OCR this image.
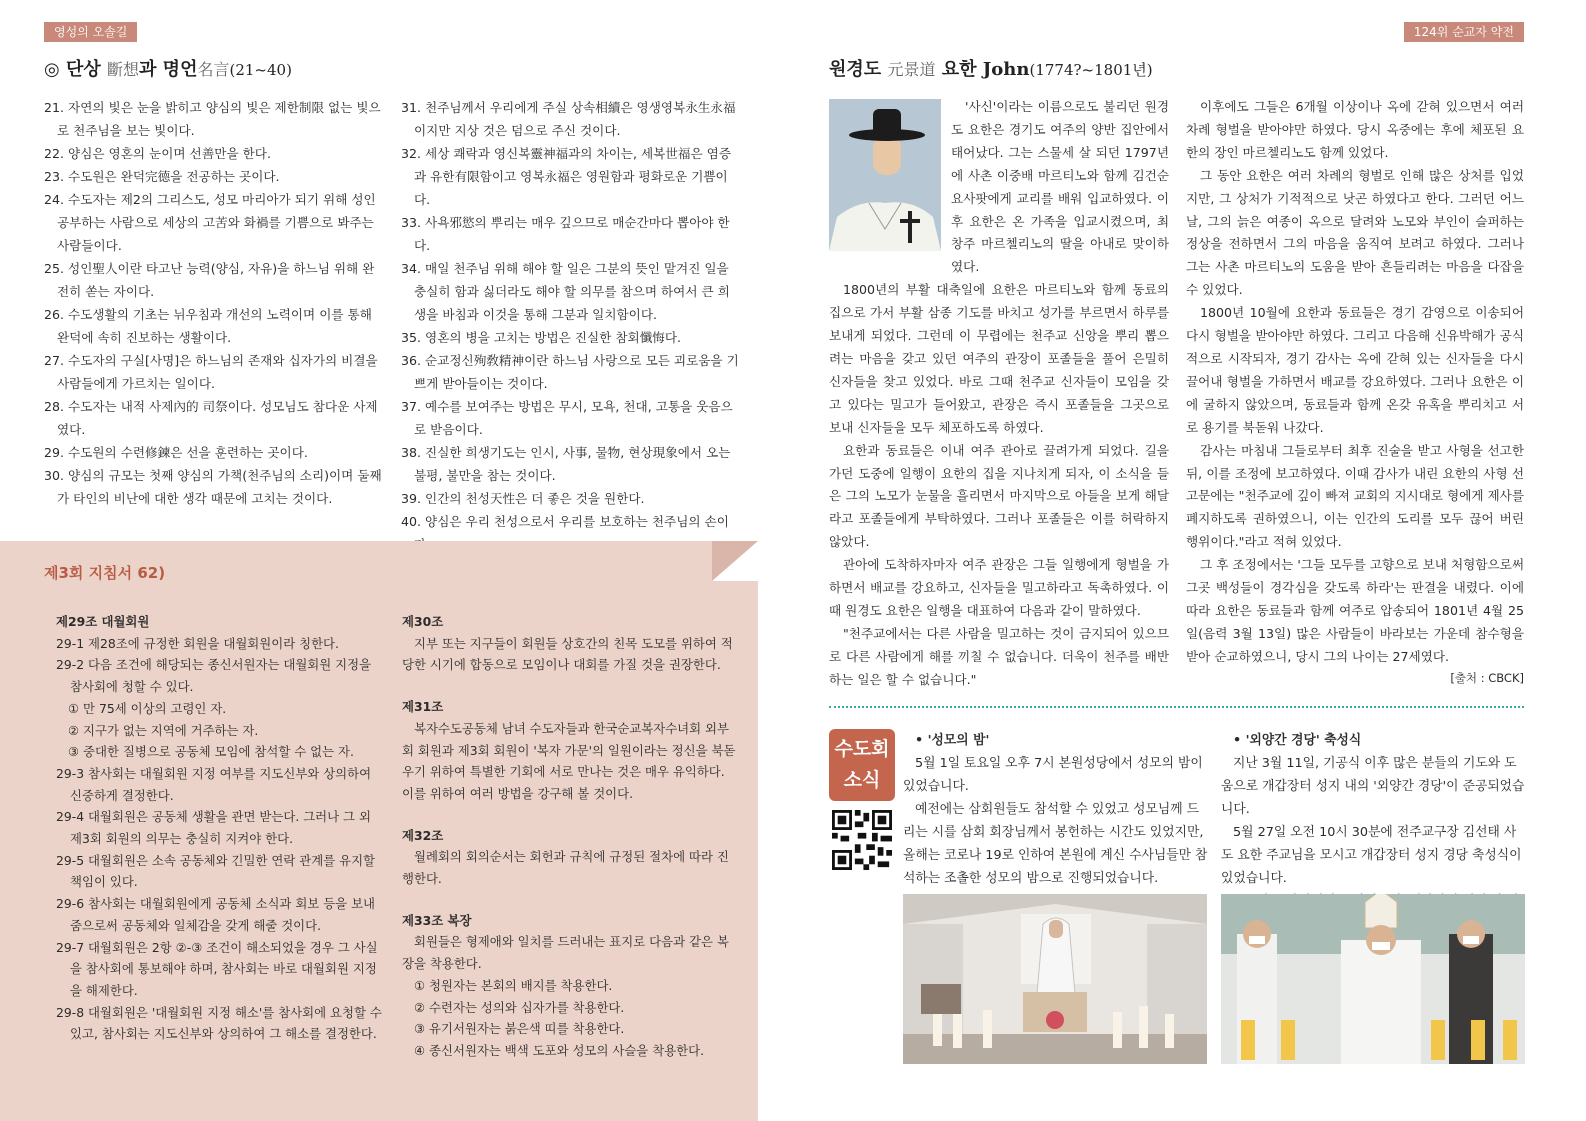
영성의 오솔길	124위 순교자 약전
◎ 단상 斷想과 명언名言(21~40)

21. 자연의 빛은 눈을 밝히고 양심의 빛은 제한制限 없는 빛으로 천주님을 보는 빛이다.

22. 양심은 영혼의 눈이며 선善만을 한다.

23. 수도원은 완덕完德을 전공하는 곳이다.

24. 수도자는 제2의 그리스도, 성모 마리아가 되기 위해 성인공부하는 사람으로 세상의 고苦와 화禍를 기쁨으로 봐주는 사람들이다.

25. 성인聖人이란 타고난 능력(양심, 자유)을 하느님 위해 완전히 쏟는 자이다.

26. 수도생활의 기초는 뉘우침과 개선의 노력이며 이를 통해 완덕에 속히 진보하는 생활이다.

27. 수도자의 구실[사명]은 하느님의 존재와 십자가의 비결을 사람들에게 가르치는 일이다.

28. 수도자는 내적 사제內的 司祭이다. 성모님도 참다운 사제였다.

29. 수도원의 수련修鍊은 선을 훈련하는 곳이다.

30. 양심의 규모는 첫째 양심의 가책(천주님의 소리)이며 둘째가 타인의 비난에 대한 생각 때문에 고치는 것이다.

31. 천주님께서 우리에게 주실 상속相續은 영생영복永生永福이지만 지상 것은 덤으로 주신 것이다.

32. 세상 쾌락과 영신복靈神福과의 차이는, 세복世福은 염증과 유한有限함이고 영복永福은 영원함과 평화로운 기쁨이다.

33. 사욕邪慾의 뿌리는 매우 깊으므로 매순간마다 뽑아야 한다.

34. 매일 천주님 위해 해야 할 일은 그분의 뜻인 맡겨진 일을 충실히 함과 싫더라도 해야 할 의무를 참으며 하여서 큰 희생을 바침과 이것을 통해 그분과 일치함이다.

35. 영혼의 병을 고치는 방법은 진실한 참회懺悔다.

36. 순교정신殉敎精神이란 하느님 사랑으로 모든 괴로움을 기쁘게 받아들이는 것이다.

37. 예수를 보여주는 방법은 무시, 모욕, 천대, 고통을 웃음으로 받음이다.

38. 진실한 희생기도는 인시, 사事, 물物, 현상現象에서 오는 불평, 불만을 참는 것이다.

39. 인간의 천성天性은 더 좋은 것을 원한다.

40. 양심은 우리 천성으로서 우리를 보호하는 천주님의 손이

제3회 지침서 62)

제29조 대월회원

29-1 제28조에 규정한 회원을 대월회원이라 칭한다.

29-2 다음 조건에 해당되는 종신서원자는 대월회원 지정을 참사회에 청할 수 있다.

① 만 75세 이상의 고령인 자.

② 지구가 없는 지역에 거주하는 자.

③ 중대한 질병으로 공동체 모임에 참석할 수 없는 자.

29-3 참사회는 대월회원 지정 여부를 지도신부와 상의하여 신중하게 결정한다.

29-4 대월회원은 공동체 생활을 관면 받는다. 그러나 그 외 제3회 회원의 의무는 충실히 지켜야 한다.

29-5 대월회원은 소속 공동체와 긴밀한 연락 관계를 유지할 책임이 있다.

29-6 참사회는 대월회원에게 공동체 소식과 회보 등을 보내줌으로써 공동체와 일체감을 갖게 해줄 것이다.

29-7 대월회원은 2항 ②-③ 조건이 해소되었을 경우 그 사실을 참사회에 통보해야 하며, 참사회는 바로 대월회원 지정을 해제한다.

29-8 대월회원은 '대월회원 지정 해소'를 참사회에 요청할 수 있고, 참사회는 지도신부와 상의하여 그 해소를 결정한다.

제30조

지부 또는 지구들이 회원들 상호간의 친목 도모를 위하여 적당한 시기에 합동으로 모임이나 대회를 가질 것을 권장한다.

제31조

복자수도공동체 남녀 수도자들과 한국순교복자수녀회 외부회 회원과 제3회 회원이 '복자 가문'의 일원이라는 정신을 북돋우기 위하여 특별한 기회에 서로 만나는 것은 매우 유익하다. 이를 위하여 여러 방법을 강구해 볼 것이다.

제32조

월례회의 회의순서는 회헌과 규칙에 규정된 절차에 따라 진행한다.

제33조 복장

회원들은 형제애와 일치를 드러내는 표지로 다음과 같은 복장을 착용한다.

① 청원자는 본회의 배지를 착용한다.

② 수련자는 성의와 십자가를 착용한다.

③ 유기서원자는 붉은색 띠를 착용한다.

④ 종신서원자는 백색 도포와 성모의 사슬을 착용한다.

원경도 元景道 요한 John(1774?~1801년)

'사신'이라는 이름으로도 불리던 원경도 요한은 경기도 여주의 양반 집안에서 태어났다. 그는 스물세 살 되던 1797년에 사촌 이중배 마르티노와 함께 김건순 요사팟에게 교리를 배워 입교하였다. 이후 요한은 온 가족을 입교시켰으며, 최창주 마르첼리노의 딸을 아내로 맞이하였다.

1800년의 부활 대축일에 요한은 마르티노와 함께 동료의 집으로 가서 부활 삼종 기도를 바치고 성가를 부르면서 하루를 보내게 되었다. 그런데 이 무렵에는 천주교 신앙을 뿌리 뽑으려는 마음을 갖고 있던 여주의 관장이 포졸들을 풀어 은밀히 신자들을 찾고 있었다. 바로 그때 천주교 신자들이 모임을 갖고 있다는 밀고가 들어왔고, 관장은 즉시 포졸들을 그곳으로 보내 신자들을 모두 체포하도록 하였다.

요한과 동료들은 이내 여주 관아로 끌려가게 되었다. 길을 가던 도중에 일행이 요한의 집을 지나치게 되자, 이 소식을 들은 그의 노모가 눈물을 흘리면서 마지막으로 아들을 보게 해달라고 포졸들에게 부탁하였다. 그러나 포졸들은 이를 허락하지 않았다.

관아에 도착하자마자 여주 관장은 그들 일행에게 형벌을 가하면서 배교를 강요하고, 신자들을 밀고하라고 독촉하였다. 이때 원경도 요한은 일행을 대표하여 다음과 같이 말하였다.

"천주교에서는 다른 사람을 밀고하는 것이 금지되어 있으므로 다른 사람에게 해를 끼칠 수 없습니다. 더욱이 천주를 배반하는 일은 할 수 없습니다."

이후에도 그들은 6개월 이상이나 옥에 갇혀 있으면서 여러 차례 형벌을 받아야만 하였다. 당시 옥중에는 후에 체포된 요한의 장인 마르첼리노도 함께 있었다.

그 동안 요한은 여러 차례의 형벌로 인해 많은 상처를 입었지만, 그 상처가 기적적으로 낫곤 하였다고 한다. 그러던 어느 날, 그의 늙은 여종이 옥으로 달려와 노모와 부인이 슬퍼하는 정상을 전하면서 그의 마음을 움직여 보려고 하였다. 그러나 그는 사촌 마르티노의 도움을 받아 흔들리려는 마음을 다잡을 수 있었다.

1800년 10월에 요한과 동료들은 경기 감영으로 이송되어 다시 형벌을 받아야만 하였다. 그리고 다음해 신유박해가 공식적으로 시작되자, 경기 감사는 옥에 갇혀 있는 신자들을 다시 끌어내 형벌을 가하면서 배교를 강요하였다. 그러나 요한은 이에 굴하지 않았으며, 동료들과 함께 온갖 유혹을 뿌리치고 서로 용기를 북돋워 나갔다.

감사는 마침내 그들로부터 최후 진술을 받고 사형을 선고한 뒤, 이를 조정에 보고하였다. 이때 감사가 내린 요한의 사형 선고문에는 "천주교에 깊이 빠져 교회의 지시대로 형에게 제사를 폐지하도록 권하였으니, 이는 인간의 도리를 모두 끊어 버린 행위이다."라고 적혀 있었다.

그 후 조정에서는 '그들 모두를 고향으로 보내 처형함으로써 그곳 백성들이 경각심을 갖도록 하라'는 판결을 내렸다. 이에 따라 요한은 동료들과 함께 여주로 압송되어 1801년 4월 25일(음력 3월 13일) 많은 사람들이 바라보는 가운데 참수형을 받아 순교하였으니, 당시 그의 나이는 27세였다.

[출처 : CBCK]
수도회
소식

• '성모의 밤'

5월 1일 토요일 오후 7시 본원성당에서 성모의 밤이 있었습니다.

예전에는 삼회원들도 참석할 수 있었고 성모님께 드리는 시를 삼회 회장님께서 봉헌하는 시간도 있었지만, 올해는 코로나 19로 인하여 본원에 계신 수사님들만 참석하는 조촐한 성모의 밤으로 진행되었습니다.

• '외양간 경당' 축성식

지난 3월 11일, 기공식 이후 많은 분들의 기도와 도움으로 개갑장터 성지 내의 '외양간 경당'이 준공되었습니다.

5월 27일 오전 10시 30분에 전주교구장 김선태 사도 요한 주교님을 모시고 개갑장터 성지 경당 축성식이 있었습니다.
